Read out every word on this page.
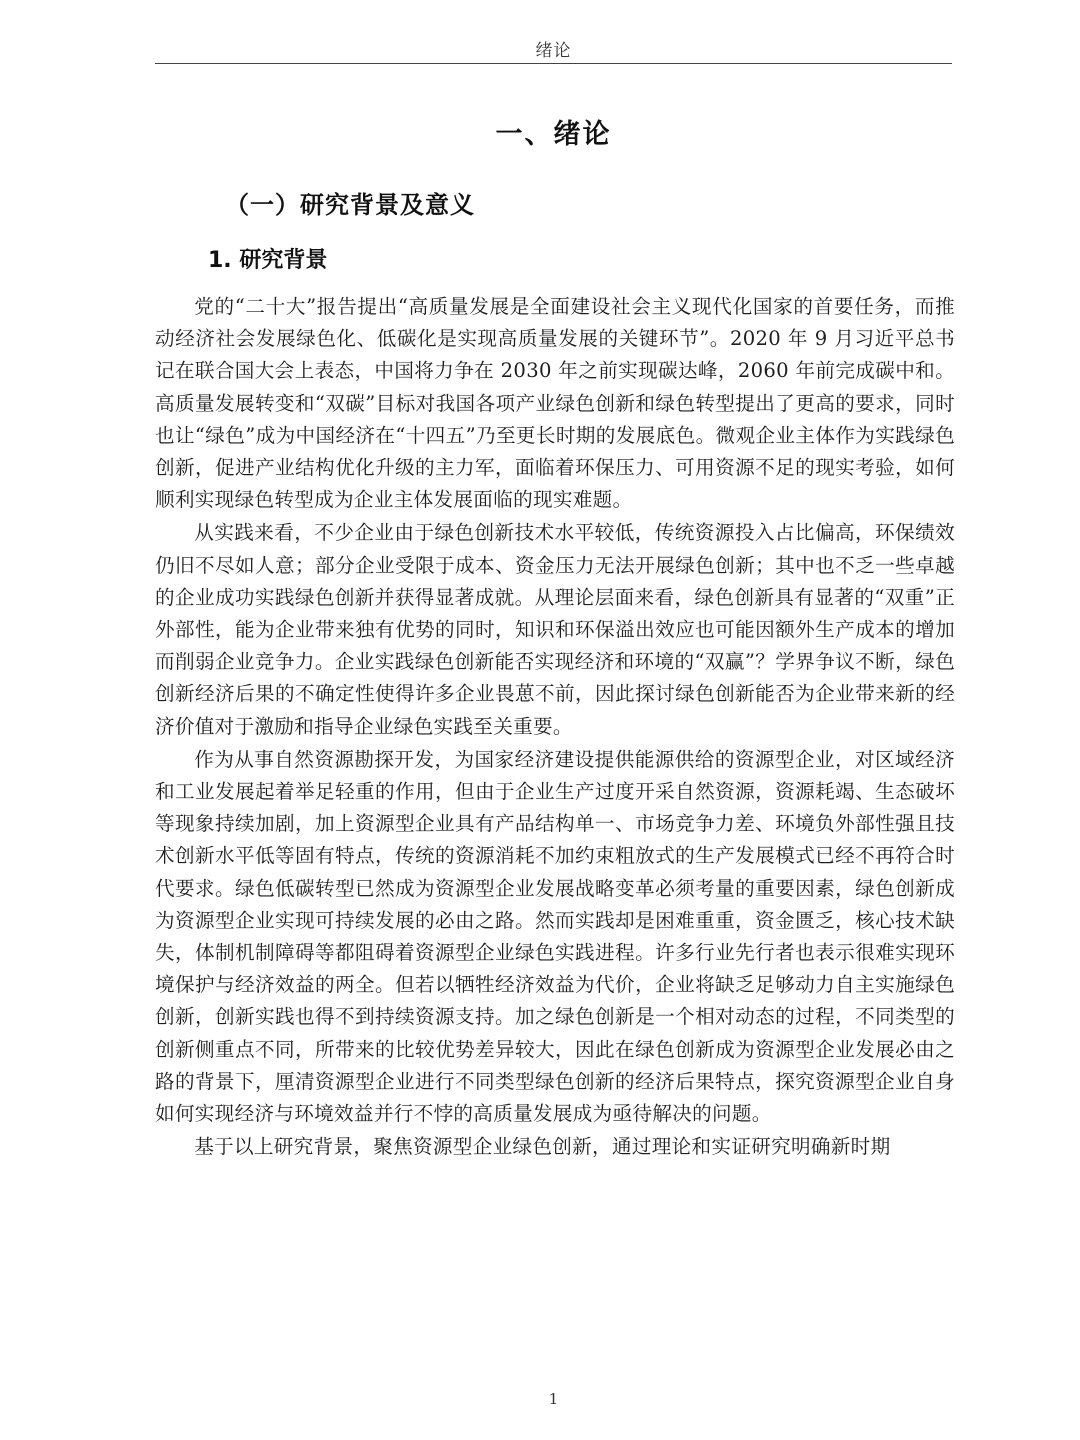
绪论
一、绪论
（一）研究背景及意义
1. 研究背景

党的“二十大”报告提出“高质量发展是全面建设社会主义现代化国家的首要任务，而推动经济社会发展绿色化、低碳化是实现高质量发展的关键环节”。2020 年 9 月习近平总书记在联合国大会上表态，中国将力争在 2030 年之前实现碳达峰，2060 年前完成碳中和。高质量发展转变和“双碳”目标对我国各项产业绿色创新和绿色转型提出了更高的要求，同时也让“绿色”成为中国经济在“十四五”乃至更长时期的发展底色。微观企业主体作为实践绿色创新，促进产业结构优化升级的主力军，面临着环保压力、可用资源不足的现实考验，如何顺利实现绿色转型成为企业主体发展面临的现实难题。

从实践来看，不少企业由于绿色创新技术水平较低，传统资源投入占比偏高，环保绩效仍旧不尽如人意；部分企业受限于成本、资金压力无法开展绿色创新；其中也不乏一些卓越的企业成功实践绿色创新并获得显著成就。从理论层面来看，绿色创新具有显著的“双重”正外部性，能为企业带来独有优势的同时，知识和环保溢出效应也可能因额外生产成本的增加而削弱企业竞争力。企业实践绿色创新能否实现经济和环境的“双赢”？学界争议不断，绿色创新经济后果的不确定性使得许多企业畏葸不前，因此探讨绿色创新能否为企业带来新的经济价值对于激励和指导企业绿色实践至关重要。

作为从事自然资源勘探开发，为国家经济建设提供能源供给的资源型企业，对区域经济和工业发展起着举足轻重的作用，但由于企业生产过度开采自然资源，资源耗竭、生态破坏等现象持续加剧，加上资源型企业具有产品结构单一、市场竞争力差、环境负外部性强且技术创新水平低等固有特点，传统的资源消耗不加约束粗放式的生产发展模式已经不再符合时代要求。绿色低碳转型已然成为资源型企业发展战略变革必须考量的重要因素，绿色创新成为资源型企业实现可持续发展的必由之路。然而实践却是困难重重，资金匮乏，核心技术缺失，体制机制障碍等都阻碍着资源型企业绿色实践进程。许多行业先行者也表示很难实现环境保护与经济效益的两全。但若以牺牲经济效益为代价，企业将缺乏足够动力自主实施绿色创新，创新实践也得不到持续资源支持。加之绿色创新是一个相对动态的过程，不同类型的创新侧重点不同，所带来的比较优势差异较大，因此在绿色创新成为资源型企业发展必由之路的背景下，厘清资源型企业进行不同类型绿色创新的经济后果特点，探究资源型企业自身如何实现经济与环境效益并行不悖的高质量发展成为亟待解决的问题。

基于以上研究背景，聚焦资源型企业绿色创新，通过理论和实证研究明确新时期

1
